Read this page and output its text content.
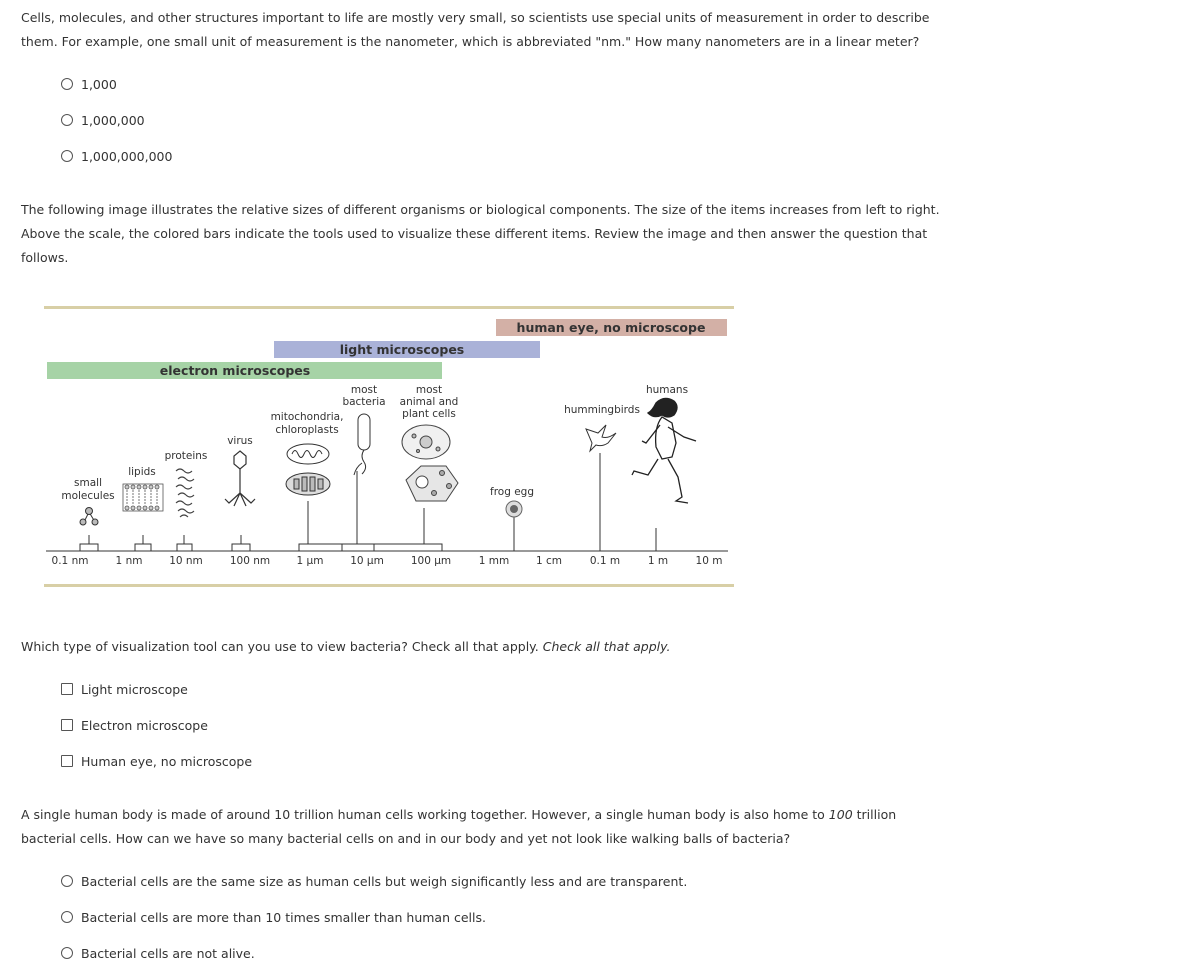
Cells, molecules, and other structures important to life are mostly very small, so scientists use special units of measurement in order to describe them. For example, one small unit of measurement is the nanometer, which is abbreviated "nm." How many nanometers are in a linear meter?

1,000
1,000,000
1,000,000,000

The following image illustrates the relative sizes of different organisms or biological components. The size of the items increases from left to right. Above the scale, the colored bars indicate the tools used to visualize these different items. Review the image and then answer the question that follows.

human eye, no microscope
light microscopes
electron microscopes
0.1 nm	1 nm	10 nm	100 nm	1 µm	10 µm	100 µm	1 mm	1 cm	0.1 m	1 m	10 m
small
molecules
lipids
proteins
virus
mitochondria,
chloroplasts
most
bacteria
most
animal and
plant cells
frog egg
hummingbirds
humans

Which type of visualization tool can you use to view bacteria? Check all that apply. Check all that apply.

Light microscope
Electron microscope
Human eye, no microscope

A single human body is made of around 10 trillion human cells working together. However, a single human body is also home to 100 trillion bacterial cells. How can we have so many bacterial cells on and in our body and yet not look like walking balls of bacteria?

Bacterial cells are the same size as human cells but weigh significantly less and are transparent.
Bacterial cells are more than 10 times smaller than human cells.
Bacterial cells are not alive.
